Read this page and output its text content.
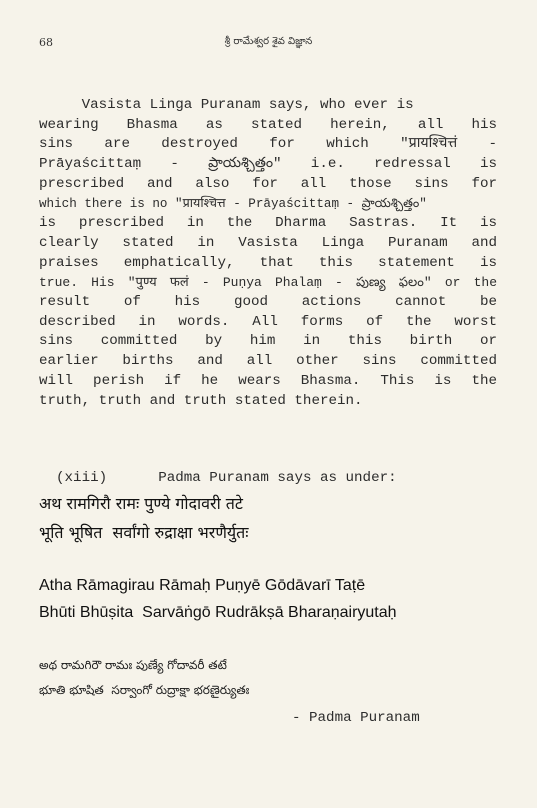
68	శ్రీ రామేశ్వర శైవ విజ్ఞాన
Vasista Linga Puranam says, who ever is
wearing Bhasma as stated herein, all his
sins are destroyed for which "प्रायश्चित्तं -
Prāyaścittaṃ - ప్రాయశ్చిత్తం" i.e. redressal is
prescribed and also for all those sins for
which there is no "प्रायश्चित्त - Prāyaścittaṃ - ప్రాయశ్చిత్తం"
is prescribed in the Dharma Sastras. It is
clearly stated in Vasista Linga Puranam and
praises emphatically, that this statement is
true. His "पुण्य फलं - Puṇya Phalaṃ - పుణ్య ఫలం" or the
result of his good actions cannot be
described in words. All forms of the worst
sins committed by him in this birth or
earlier births and all other sins committed
will perish if he wears Bhasma. This is the
truth, truth and truth stated therein.

(xiii)	Padma Puranam says as under:

अथ रामगिरौ रामः पुण्ये गोदावरी तटे
भूति भूषित  सर्वांगो रुद्राक्षा भरणैर्युतः
Atha Rāmagirau Rāmaḥ Puṇyē Gōdāvarī Taṭē
Bhūti Bhūṣita  Sarvāṅgō Rudrākṣā Bharaṇairyutaḥ
అథ రామగిరౌ రామః పుణ్యే గోదావరీ తటే
భూతి భూషిత  సర్వాంగో రుద్రాక్షా భరణైర్యుతః
- Padma Puranam
